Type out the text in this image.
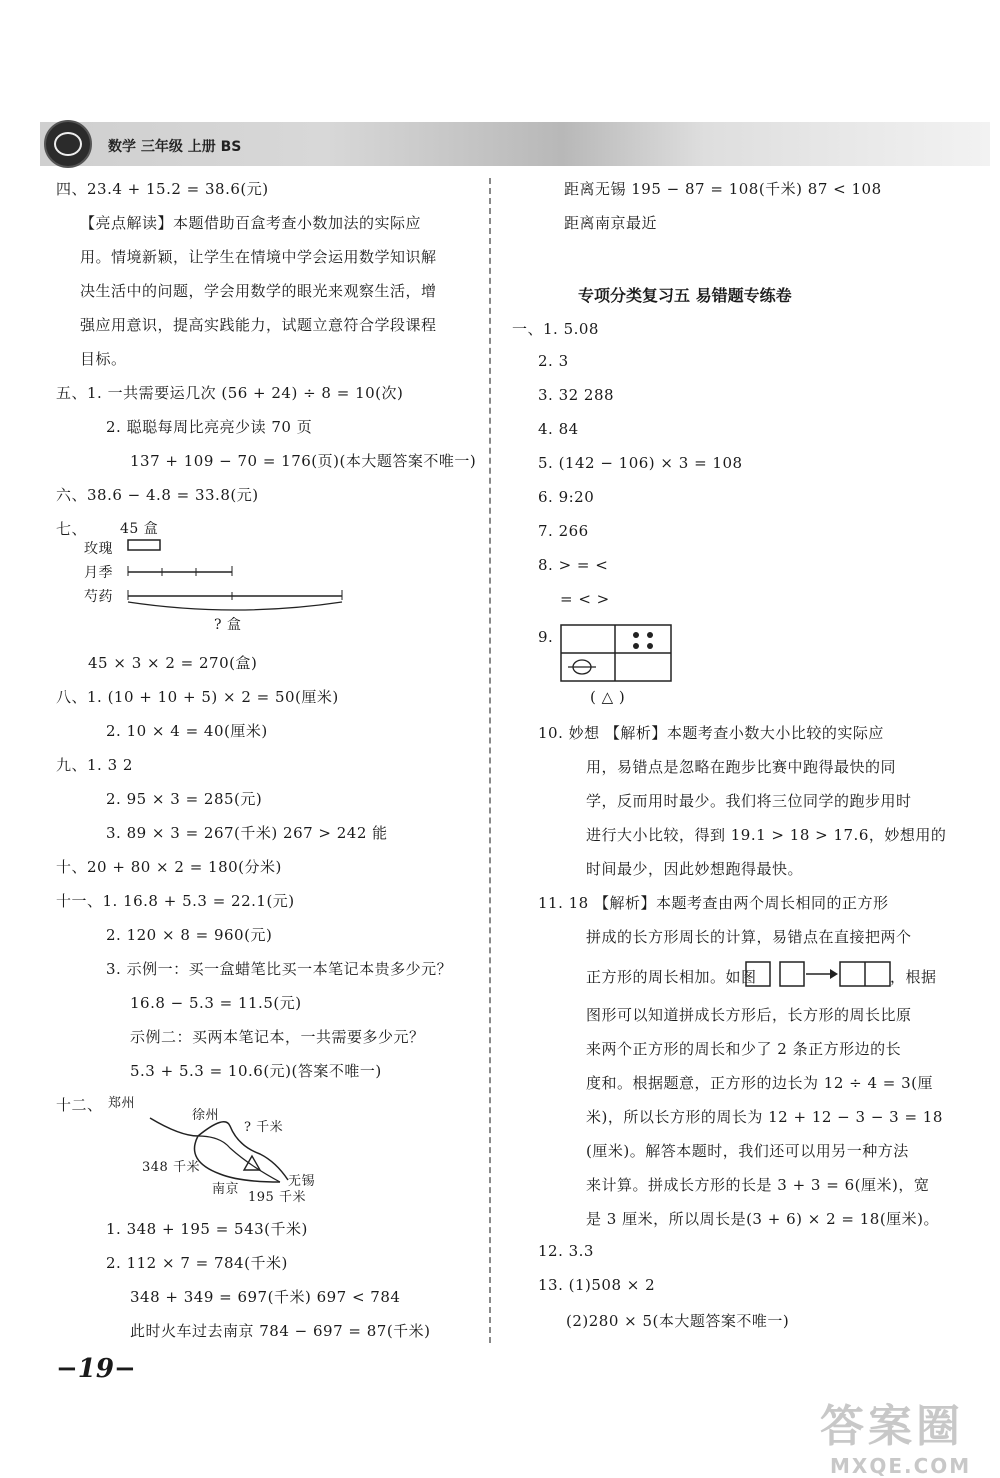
数学 三年级 上册 BS
四、23.4 + 15.2 = 38.6(元)
【亮点解读】本题借助百盒考查小数加法的实际应
用。情境新颖，让学生在情境中学会运用数学知识解
决生活中的问题，学会用数学的眼光来观察生活，增
强应用意识，提高实践能力，试题立意符合学段课程
目标。
五、1. 一共需要运几次 (56 + 24) ÷ 8 = 10(次)
2. 聪聪每周比亮亮少读 70 页
137 + 109 − 70 = 176(页)(本大题答案不唯一)
六、38.6 − 4.8 = 33.8(元)
七、 45 盒
玫瑰
月季
芍药
? 盒
45 × 3 × 2 = 270(盒)
八、1. (10 + 10 + 5) × 2 = 50(厘米)
2. 10 × 4 = 40(厘米)
九、1. 3 2
2. 95 × 3 = 285(元)
3. 89 × 3 = 267(千米) 267 > 242 能
十、20 + 80 × 2 = 180(分米)
十一、1. 16.8 + 5.3 = 22.1(元)
2. 120 × 8 = 960(元)
3. 示例一：买一盒蜡笔比买一本笔记本贵多少元？
16.8 − 5.3 = 11.5(元)
示例二：买两本笔记本，一共需要多少元？
5.3 + 5.3 = 10.6(元)(答案不唯一)
十二、 郑州
徐州
? 千米
348 千米
无锡
南京
195 千米
1. 348 + 195 = 543(千米)
2. 112 × 7 = 784(千米)
348 + 349 = 697(千米) 697 < 784
此时火车过去南京 784 − 697 = 87(千米)
距离无锡 195 − 87 = 108(千米) 87 < 108
距离南京最近
专项分类复习五 易错题专练卷
一、1. 5.08
2. 3
3. 32 288
4. 84
5. (142 − 106) × 3 = 108
6. 9:20
7. 266
8. > = <
= < >
9.
( △ )
10. 妙想 【解析】本题考查小数大小比较的实际应
用，易错点是忽略在跑步比赛中跑得最快的同
学，反而用时最少。我们将三位同学的跑步用时
进行大小比较，得到 19.1 > 18 > 17.6，妙想用的
时间最少，因此妙想跑得最快。
11. 18 【解析】本题考查由两个周长相同的正方形
拼成的长方形周长的计算，易错点在直接把两个
正方形的周长相加。如图	，根据
图形可以知道拼成长方形后，长方形的周长比原
来两个正方形的周长和少了 2 条正方形边的长
度和。根据题意，正方形的边长为 12 ÷ 4 = 3(厘
米)，所以长方形的周长为 12 + 12 − 3 − 3 = 18
(厘米)。解答本题时，我们还可以用另一种方法
来计算。拼成长方形的长是 3 + 3 = 6(厘米)，宽
是 3 厘米，所以周长是(3 + 6) × 2 = 18(厘米)。
12. 3.3
13. (1)508 × 2
(2)280 × 5(本大题答案不唯一)
−19−
答案圈
MXQE.COM
